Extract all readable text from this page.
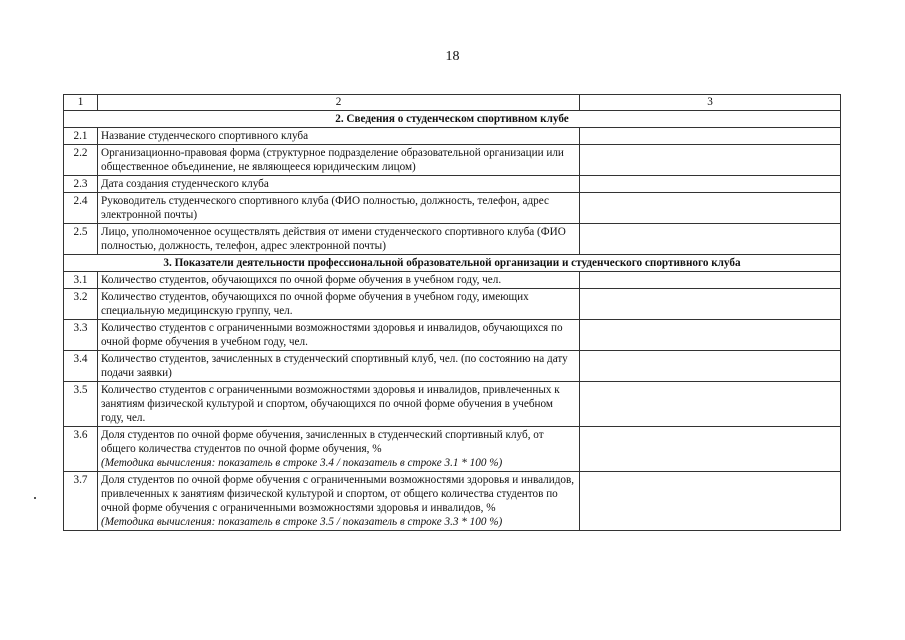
18
1	2	3
2. Сведения о студенческом спортивном клубе		
2.1	Название студенческого спортивного клуба	
2.2	Организационно-правовая форма (структурное подразделение образовательной организации или общественное объединение, не являющееся юридическим лицом)	
2.3	Дата создания студенческого клуба	
2.4	Руководитель студенческого спортивного клуба (ФИО полностью, должность, телефон, адрес электронной почты)	
2.5	Лицо, уполномоченное осуществлять действия от имени студенческого спортивного клуба (ФИО полностью, должность, телефон, адрес электронной почты)	
3. Показатели деятельности профессиональной образовательной организации и студенческого спортивного клуба		
3.1	Количество студентов, обучающихся по очной форме обучения в учебном году, чел.	
3.2	Количество студентов, обучающихся по очной форме обучения в учебном году, имеющих специальную медицинскую группу, чел.	
3.3	Количество студентов с ограниченными возможностями здоровья и инвалидов, обучающихся по очной форме обучения в учебном году, чел.	
3.4	Количество студентов, зачисленных в студенческий спортивный клуб, чел. (по состоянию на дату подачи заявки)	
3.5	Количество студентов с ограниченными возможностями здоровья и инвалидов, привлеченных к занятиям физической культурой и спортом, обучающихся по очной форме обучения в учебном году, чел.	
3.6	Доля студентов по очной форме обучения, зачисленных в студенческий спортивный клуб, от общего количества студентов по очной форме обучения, %
(Методика вычисления: показатель в строке 3.4 / показатель в строке 3.1 * 100 %)	

3.7	Доля студентов по очной форме обучения с ограниченными возможностями здоровья и инвалидов, привлеченных к занятиям физической культурой и спортом, от общего количества студентов по очной форме обучения с ограниченными возможностями здоровья и инвалидов, %
(Методика вычисления: показатель в строке 3.5 / показатель в строке 3.3 * 100 %)	
